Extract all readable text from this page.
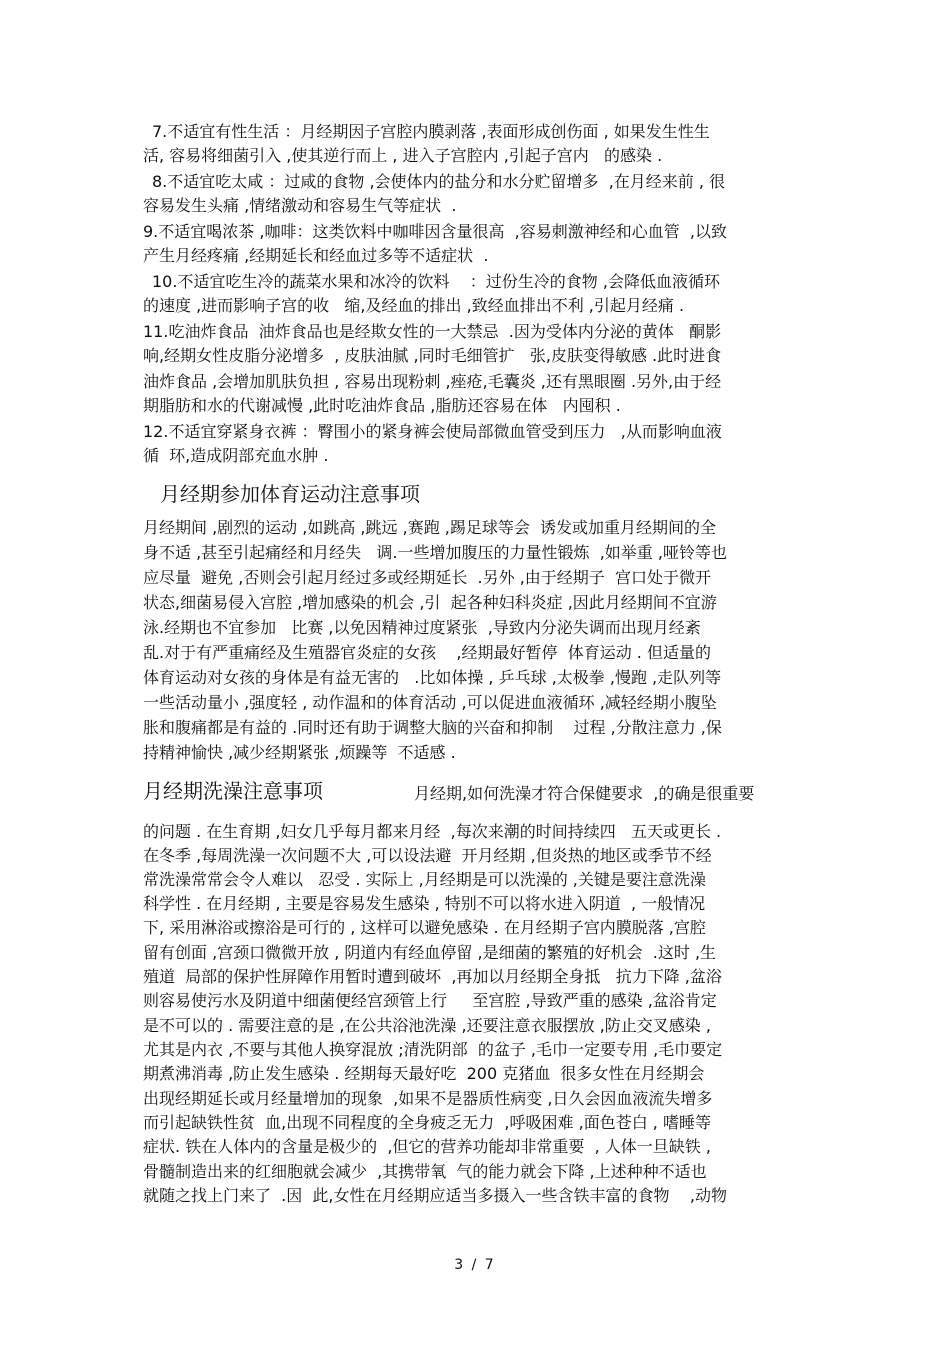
7.不适宜有性生活 ：月经期因子宫腔内膜剥落 ,表面形成创伤面 , 如果发生性生
活, 容易将细菌引入 ,使其逆行而上 , 进入子宫腔内 ,引起子宫内   的感染 .
8.不适宜吃太咸 ：过咸的食物 ,会使体内的盐分和水分贮留增多  ,在月经来前 , 很
容易发生头痛 ,情绪激动和容易生气等症状  .
9.不适宜喝浓茶 ,咖啡：这类饮料中咖啡因含量很高  ,容易刺激神经和心血管  ,以致
产生月经疼痛 ,经期延长和经血过多等不适症状  .
10.不适宜吃生冷的蔬菜水果和冰冷的饮料    ：过份生冷的食物 ,会降低血液循环
的速度 ,进而影响子宫的收   缩,及经血的排出 ,致经血排出不利 ,引起月经痛 .
11.吃油炸食品  油炸食品也是经欺女性的一大禁忌  .因为受体内分泌的黄体   酮影
响,经期女性皮脂分泌增多  , 皮肤油腻 ,同时毛细管扩   张,皮肤变得敏感 .此时进食
油炸食品 ,会增加肌肤负担 , 容易出现粉刺 ,痤疮,毛囊炎 ,还有黑眼圈 .另外,由于经
期脂肪和水的代谢减慢 ,此时吃油炸食品 ,脂肪还容易在体   内囤积 .
12.不适宜穿紧身衣裤 ：臀围小的紧身裤会使局部微血管受到压力   ,从而影响血液
循  环,造成阴部充血水肿 .
月经期参加体育运动注意事项
月经期间 ,剧烈的运动 ,如跳高 ,跳远 ,赛跑 ,踢足球等会  诱发或加重月经期间的全
身不适 ,甚至引起痛经和月经失   调.一些增加腹压的力量性锻炼  ,如举重 ,哑铃等也
应尽量  避免 ,否则会引起月经过多或经期延长  .另外 ,由于经期子  宫口处于微开
状态,细菌易侵入宫腔 ,增加感染的机会 ,引  起各种妇科炎症 ,因此月经期间不宜游
泳.经期也不宜参加   比赛 ,以免因精神过度紧张  ,导致内分泌失调而出现月经紊
乱.对于有严重痛经及生殖器官炎症的女孩    ,经期最好暂停  体育运动 . 但适量的
体育运动对女孩的身体是有益无害的   .比如体操 , 乒乓球 ,太极拳 ,慢跑 ,走队列等
一些活动量小 ,强度轻 , 动作温和的体育活动 ,可以促进血液循环 ,减轻经期小腹坠
胀和腹痛都是有益的 .同时还有助于调整大脑的兴奋和抑制    过程 ,分散注意力 ,保
持精神愉快 ,减少经期紧张 ,烦躁等  不适感 .
月经期洗澡注意事项	月经期,如何洗澡才符合保健要求  ,的确是很重要
的问题 . 在生育期 ,妇女几乎每月都来月经  ,每次来潮的时间持续四   五天或更长 .
在冬季 ,每周洗澡一次问题不大 ,可以设法避  开月经期 ,但炎热的地区或季节不经
常洗澡常常会令人难以   忍受 . 实际上 ,月经期是可以洗澡的 ,关键是要注意洗澡
科学性 . 在月经期 , 主要是容易发生感染 , 特别不可以将水进入阴道  , 一般情况
下, 采用淋浴或擦浴是可行的 , 这样可以避免感染 . 在月经期子宫内膜脱落 ,宫腔
留有创面 ,宫颈口微微开放 , 阴道内有经血停留 ,是细菌的繁殖的好机会  .这时 ,生
殖道  局部的保护性屏障作用暂时遭到破坏  ,再加以月经期全身抵   抗力下降 ,盆浴
则容易使污水及阴道中细菌便经宫颈管上行     至宫腔 ,导致严重的感染 ,盆浴肯定
是不可以的 . 需要注意的是 ,在公共浴池洗澡 ,还要注意衣服摆放 ,防止交叉感染 ,
尤其是内衣 ,不要与其他人换穿混放 ;清洗阴部  的盆子 ,毛巾一定要专用 ,毛巾要定
期煮沸消毒 ,防止发生感染 . 经期每天最好吃  200 克猪血  很多女性在月经期会
出现经期延长或月经量增加的现象  ,如果不是器质性病变 ,日久会因血液流失增多
而引起缺铁性贫  血,出现不同程度的全身疲乏无力  ,呼吸困难 ,面色苍白 , 嗜睡等
症状. 铁在人体内的含量是极少的  ,但它的营养功能却非常重要  , 人体一旦缺铁 ,
骨髓制造出来的红细胞就会减少  ,其携带氧  气的能力就会下降 ,上述种种不适也
就随之找上门来了  .因  此,女性在月经期应适当多摄入一些含铁丰富的食物    ,动物
3 / 7
